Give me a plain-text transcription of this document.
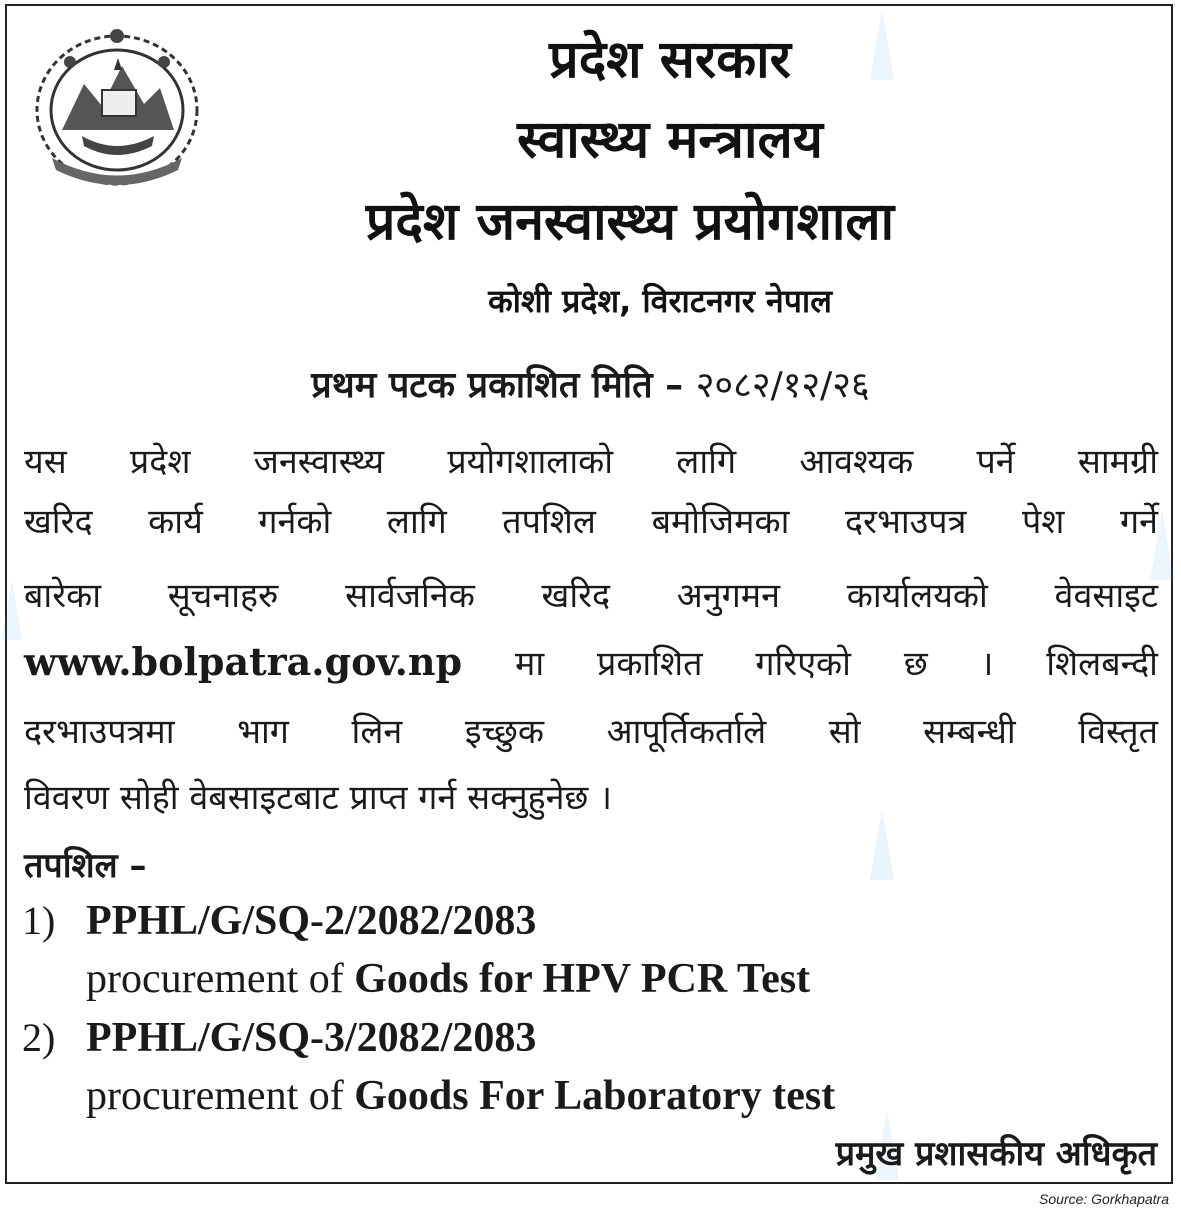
प्रदेश सरकार
स्वास्थ्य मन्त्रालय
प्रदेश जनस्वास्थ्य प्रयोगशाला
कोशी प्रदेश, विराटनगर नेपाल
प्रथम पटक प्रकाशित मिति – २०८२/१२/२६
यस प्रदेश जनस्वास्थ्य प्रयोगशालाको लागि आवश्यक पर्ने सामग्री
खरिद कार्य गर्नको लागि तपशिल बमोजिमका दरभाउपत्र पेश गर्ने
बारेका सूचनाहरु सार्वजनिक खरिद अनुगमन कार्यालयको वेवसाइट
www.bolpatra.gov.np मा प्रकाशित गरिएको छ । शिलबन्दी
दरभाउपत्रमा भाग लिन इच्छुक आपूर्तिकर्ताले सो सम्बन्धी विस्तृत
विवरण सोही वेबसाइटबाट प्राप्त गर्न सक्नुहुनेछ ।
तपशिल –
1) PPHL/G/SQ-2/2082/2083
procurement of Goods for HPV PCR Test
2) PPHL/G/SQ-3/2082/2083
procurement of Goods For Laboratory test
प्रमुख प्रशासकीय अधिकृत
Source: Gorkhapatra
